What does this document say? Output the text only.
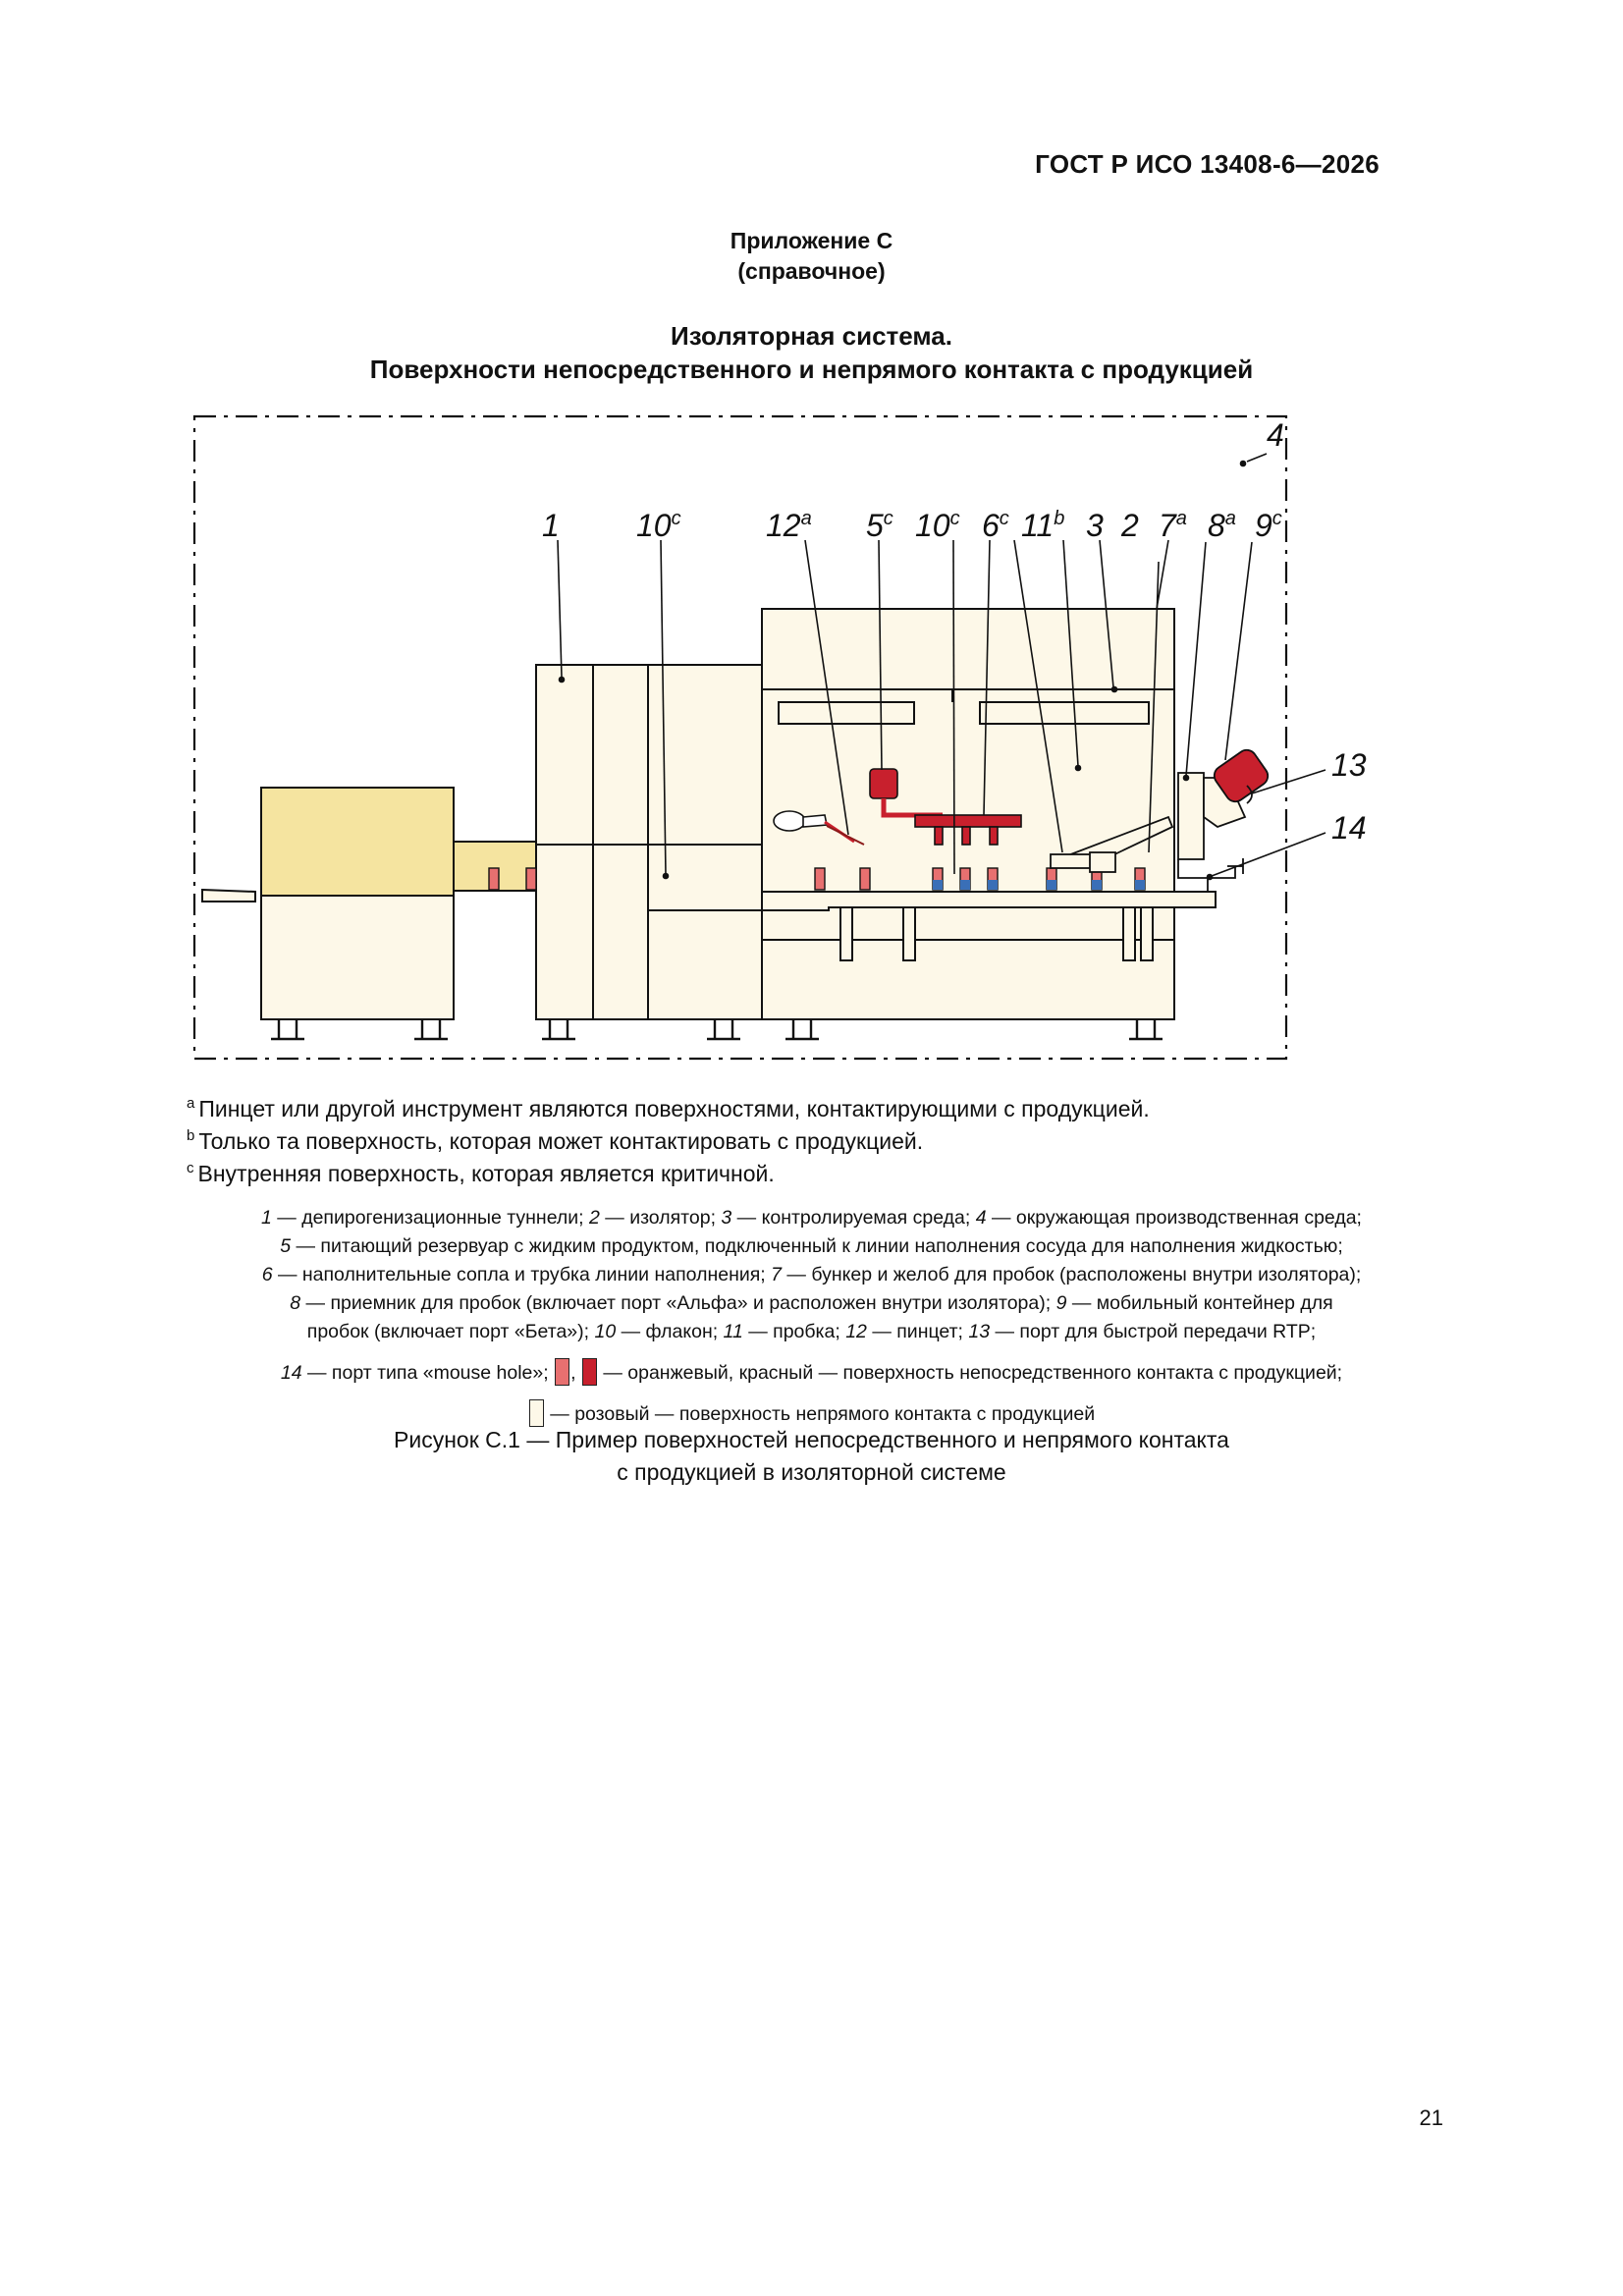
ГОСТ Р ИСО 13408-6—2026
Приложение С
(справочное)
Изоляторная система.
Поверхности непосредственного и непрямого контакта с продукцией
4
1 10$^c$	12$^a$ 5$^c$ 10$^c$ 6$^c$ 11$^b$ 3 2 7$^a$ 8$^a$ 9$^c$
13
14
$^a$ Пинцет или другой инструмент являются поверхностями, контактирующими с продукцией.
$^b$ Только та поверхность, которая может контактировать с продукцией.
$^c$ Внутренняя поверхность, которая является критичной.
1 — депирогенизационные туннели; 2 — изолятор; 3 — контролируемая среда; 4 — окружающая производственная среда;
5 — питающий резервуар с жидким продуктом, подключенный к линии наполнения сосуда для наполнения жидкостью;
6 — наполнительные сопла и трубка линии наполнения; 7 — бункер и желоб для пробок (расположены внутри изолятора);
8 — приемник для пробок (включает порт «Альфа» и расположен внутри изолятора); 9 — мобильный контейнер для
пробок (включает порт «Бета»); 10 — флакон; 11 — пробка; 12 — пинцет; 13 — порт для быстрой передачи RTP;
14 — порт типа «mouse hole»; ,  — оранжевый, красный — поверхность непосредственного контакта с продукцией;
— розовый — поверхность непрямого контакта с продукцией
Рисунок С.1 — Пример поверхностей непосредственного и непрямого контакта
с продукцией в изоляторной системе
21
